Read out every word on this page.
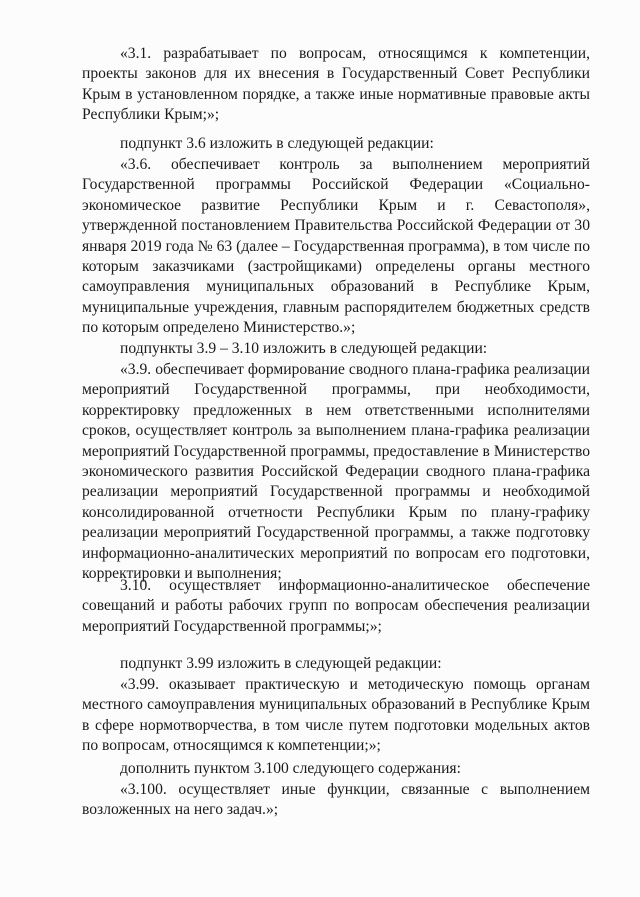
«3.1. разрабатывает по вопросам, относящимся к компетенции, проекты законов для их внесения в Государственный Совет Республики Крым в установленном порядке, а также иные нормативные правовые акты Республики Крым;»;

подпункт 3.6 изложить в следующей редакции:

«3.6. обеспечивает контроль за выполнением мероприятий Государственной программы Российской Федерации «Социально-экономическое развитие Республики Крым и г. Севастополя», утвержденной постановлением Правительства Российской Федерации от 30 января 2019 года № 63 (далее – Государственная программа), в том числе по которым заказчиками (застройщиками) определены органы местного самоуправления муниципальных образований в Республике Крым, муниципальные учреждения, главным распорядителем бюджетных средств по которым определено Министерство.»;

подпункты 3.9 – 3.10 изложить в следующей редакции:

«3.9. обеспечивает формирование сводного плана-графика реализации мероприятий Государственной программы, при необходимости, корректировку предложенных в нем ответственными исполнителями сроков, осуществляет контроль за выполнением плана-графика реализации мероприятий Государственной программы, предоставление в Министерство экономического развития Российской Федерации сводного плана-графика реализации мероприятий Государственной программы и необходимой консолидированной отчетности Республики Крым по плану-графику реализации мероприятий Государственной программы, а также подготовку информационно-аналитических мероприятий по вопросам его подготовки, корректировки и выполнения;

3.10. осуществляет информационно-аналитическое обеспечение совещаний и работы рабочих групп по вопросам обеспечения реализации мероприятий Государственной программы;»;

подпункт 3.99 изложить в следующей редакции:

«3.99. оказывает практическую и методическую помощь органам местного самоуправления муниципальных образований в Республике Крым в сфере нормотворчества, в том числе путем подготовки модельных актов по вопросам, относящимся к компетенции;»;

дополнить пунктом 3.100 следующего содержания:

«3.100. осуществляет иные функции, связанные с выполнением возложенных на него задач.»;
